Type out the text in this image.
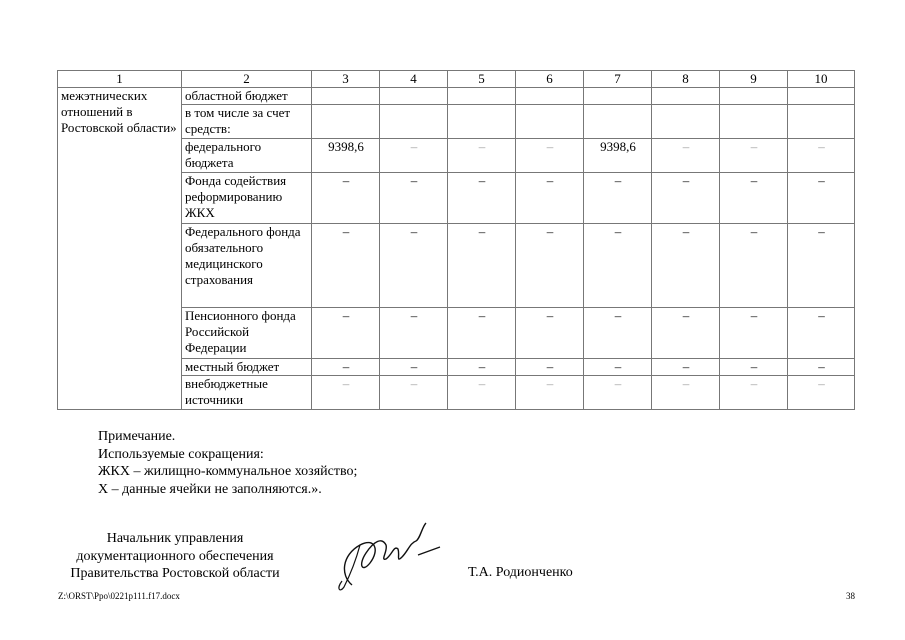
1	2	3	4	5	6	7	8	9	10
межэтнических отношений в Ростовской области»	областной бюджет								
	в том числе за счет средств:								
	федерального бюджета	9398,6	–	–	–	9398,6	–	–	–
	Фонда содействия реформированию ЖКХ	–	–	–	–	–	–	–	–
	Федерального фонда обязательного медицинского страхования	–	–	–	–	–	–	–	–
	Пенсионного фонда Российской Федерации	–	–	–	–	–	–	–	–
	местный бюджет	–	–	–	–	–	–	–	–
	внебюджетные источники	–	–	–	–	–	–	–	–
Примечание.
Используемые сокращения:
ЖКХ – жилищно-коммунальное хозяйство;
Х – данные ячейки не заполняются.».
Начальник управления
документационного обеспечения
Правительства Ростовской области	Т.А. Родионченко
Z:\ORST\Ppo\0221p111.f17.docx	38
